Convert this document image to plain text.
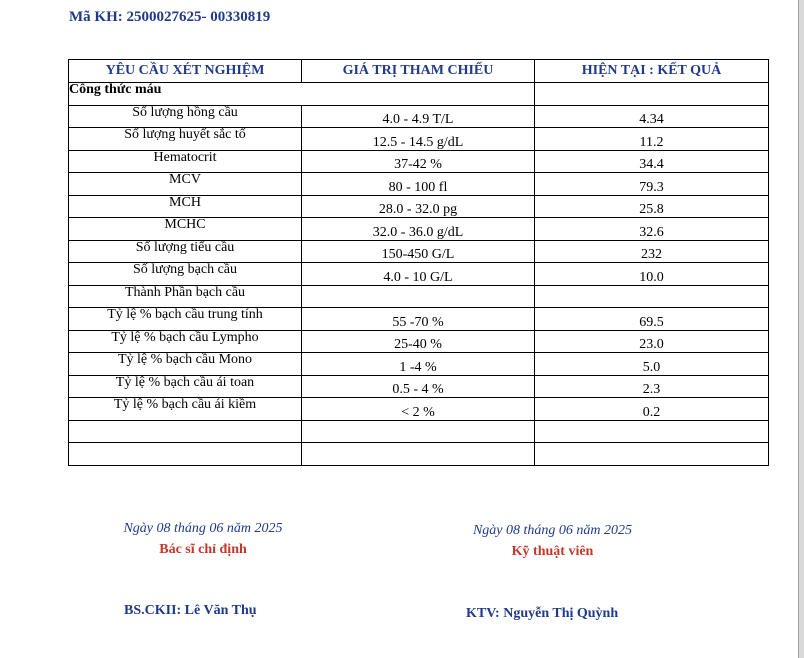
Mã KH: 2500027625- 00330819
YÊU CẦU XÉT NGHIỆM	GIÁ TRỊ THAM CHIẾU	HIỆN TẠI : KẾT QUẢ
Công thức máu		
Số lượng hồng cầu	4.0 - 4.9 T/L	4.34
Số lượng huyết sắc tố	12.5 - 14.5 g/dL	11.2
Hematocrit	37-42 %	34.4
MCV	80 - 100 fl	79.3
MCH	28.0 - 32.0 pg	25.8
MCHC	32.0 - 36.0 g/dL	32.6
Số lượng tiểu cầu	150-450 G/L	232
Số lượng bạch cầu	4.0 - 10 G/L	10.0
Thành Phần bạch cầu		
Tỷ lệ % bạch cầu trung tính	55 -70 %	69.5
Tỷ lệ % bạch cầu Lympho	25-40 %	23.0
Tỷ lệ % bạch cầu Mono	1 -4 %	5.0
Tỷ lệ % bạch cầu ái toan	0.5 - 4 %	2.3
Tỷ lệ % bạch cầu ái kiềm	< 2 %	0.2

Ngày 08 tháng 06 năm 2025
Bác sĩ chỉ định
Ngày 08 tháng 06 năm 2025
Kỹ thuật viên
BS.CKII: Lê Văn Thụ	KTV: Nguyễn Thị Quỳnh
